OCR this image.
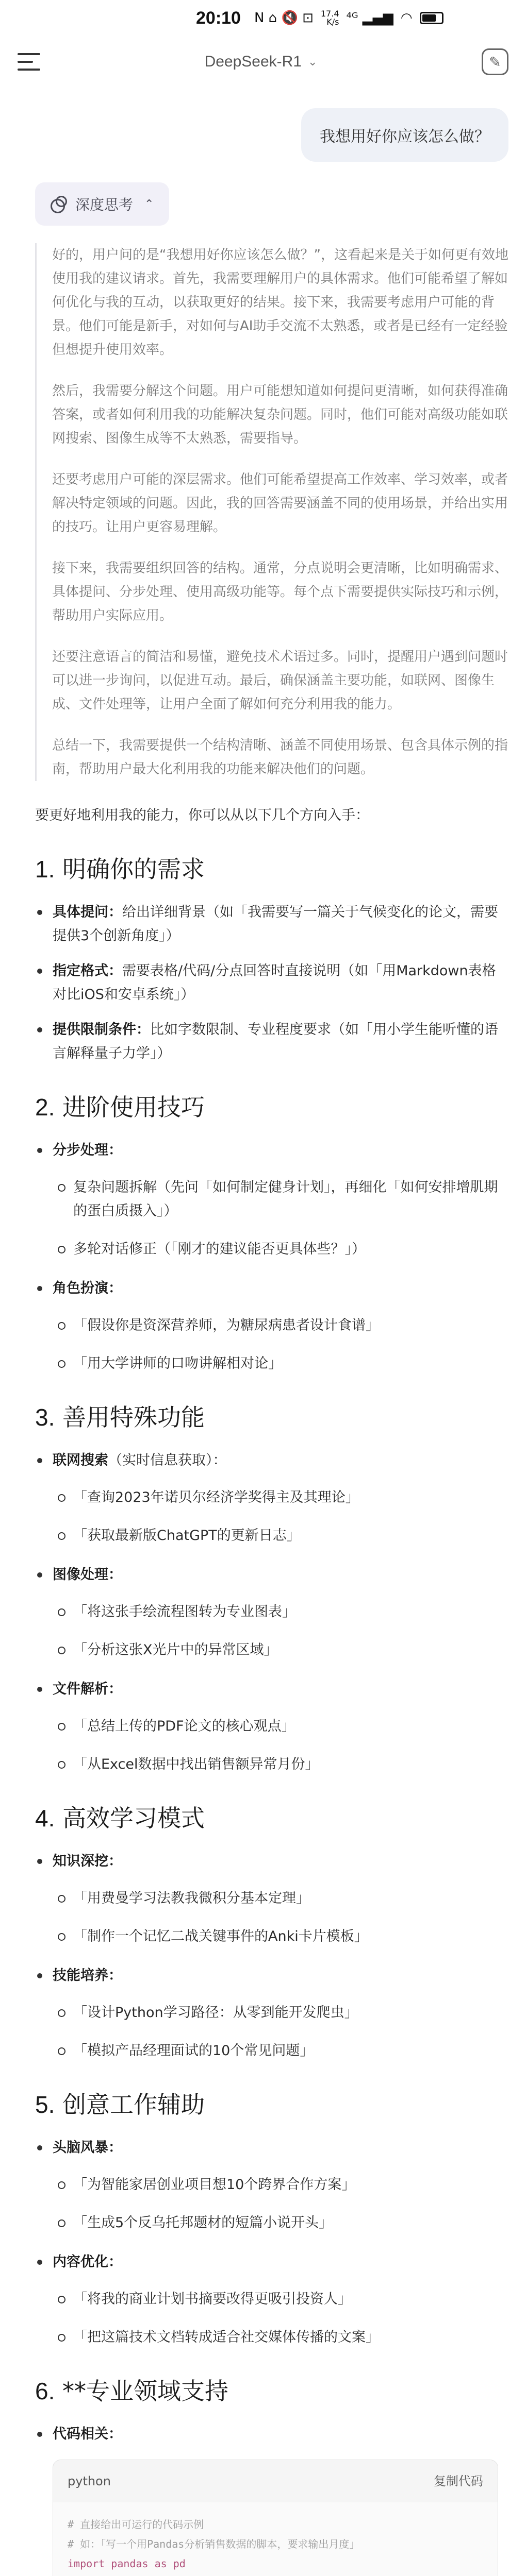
20:10 N ⌂ 🔇 ⊡ 17.4
K/s ⁴ᴳ ▂▄▆ ◠
DeepSeek-R1 ⌄	✎
我想用好你应该怎么做？
深度思考 ⌃

好的，用户问的是“我想用好你应该怎么做？”，这看起来是关于如何更有效地使用我的建议请求。首先，我需要理解用户的具体需求。他们可能希望了解如何优化与我的互动，以获取更好的结果。接下来，我需要考虑用户可能的背景。他们可能是新手，对如何与AI助手交流不太熟悉，或者是已经有一定经验但想提升使用效率。

然后，我需要分解这个问题。用户可能想知道如何提问更清晰，如何获得准确答案，或者如何利用我的功能解决复杂问题。同时，他们可能对高级功能如联网搜索、图像生成等不太熟悉，需要指导。

还要考虑用户可能的深层需求。他们可能希望提高工作效率、学习效率，或者解决特定领域的问题。因此，我的回答需要涵盖不同的使用场景，并给出实用的技巧。让用户更容易理解。

接下来，我需要组织回答的结构。通常，分点说明会更清晰，比如明确需求、具体提问、分步处理、使用高级功能等。每个点下需要提供实际技巧和示例，帮助用户实际应用。

还要注意语言的简洁和易懂，避免技术术语过多。同时，提醒用户遇到问题时可以进一步询问，以促进互动。最后，确保涵盖主要功能，如联网、图像生成、文件处理等，让用户全面了解如何充分利用我的能力。

总结一下，我需要提供一个结构清晰、涵盖不同使用场景、包含具体示例的指南，帮助用户最大化利用我的功能来解决他们的问题。

要更好地利用我的能力，你可以从以下几个方向入手：

1. 明确你的需求
具体提问：给出详细背景（如「我需要写一篇关于气候变化的论文，需要提供3个创新角度」）
指定格式：需要表格/代码/分点回答时直接说明（如「用Markdown表格对比iOS和安卓系统」）
提供限制条件：比如字数限制、专业程度要求（如「用小学生能听懂的语言解释量子力学」）
2. 进阶使用技巧
分步处理：
复杂问题拆解（先问「如何制定健身计划」，再细化「如何安排增肌期的蛋白质摄入」）
多轮对话修正（「刚才的建议能否更具体些？」）
角色扮演：
「假设你是资深营养师，为糖尿病患者设计食谱」
「用大学讲师的口吻讲解相对论」
3. 善用特殊功能
联网搜索（实时信息获取）：
「查询2023年诺贝尔经济学奖得主及其理论」
「获取最新版ChatGPT的更新日志」
图像处理：
「将这张手绘流程图转为专业图表」
「分析这张X光片中的异常区域」
文件解析：
「总结上传的PDF论文的核心观点」
「从Excel数据中找出销售额异常月份」
4. 高效学习模式
知识深挖：
「用费曼学习法教我微积分基本定理」
「制作一个记忆二战关键事件的Anki卡片模板」
技能培养：
「设计Python学习路径：从零到能开发爬虫」
「模拟产品经理面试的10个常见问题」
5. 创意工作辅助
头脑风暴：
「为智能家居创业项目想10个跨界合作方案」
「生成5个反乌托邦题材的短篇小说开头」
内容优化：
「将我的商业计划书摘要改得更吸引投资人」
「把这篇技术文档转成适合社交媒体传播的文案」
6. **专业领域支持
代码相关：
python	复制代码
# 直接给出可运行的代码示例
# 如：「写一个用Pandas分析销售数据的脚本，要求输出月度」
import pandas as pd
